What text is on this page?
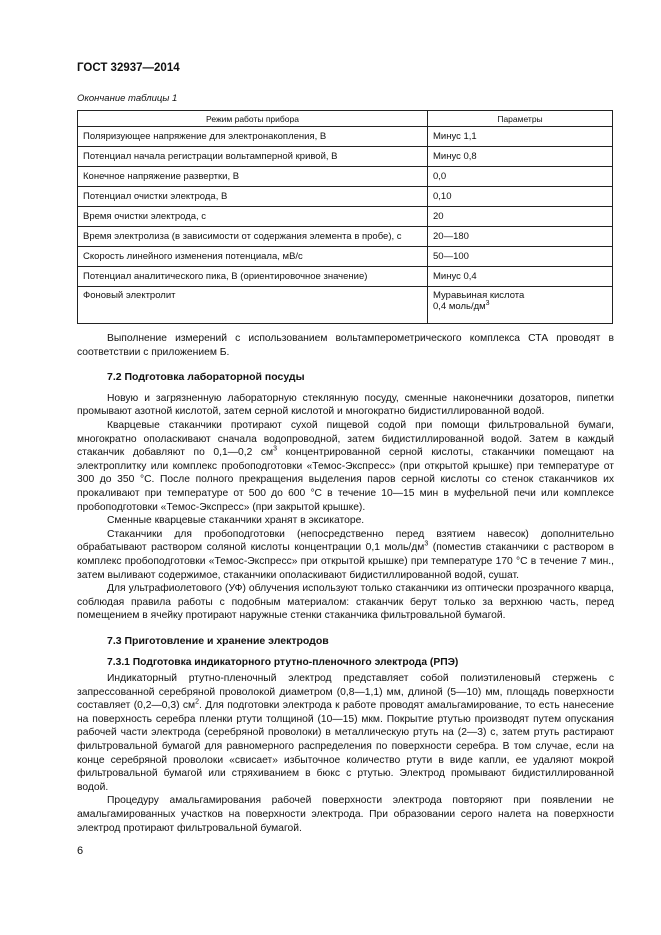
ГОСТ 32937—2014
Окончание таблицы 1
Режим работы прибора	Параметры
Поляризующее напряжение для электронакопления, В	Минус 1,1
Потенциал начала регистрации вольтамперной кривой, В	Минус 0,8
Конечное напряжение развертки, В	0,0
Потенциал очистки электрода, В	0,10
Время очистки электрода, с	20
Время электролиза (в зависимости от содержания элемента в пробе), с	20—180
Скорость линейного изменения потенциала, мВ/с	50—100
Потенциал аналитического пика, В (ориентировочное значение)	Минус 0,4
Фоновый электролит	Муравьиная кислота
0,4 моль/$дм^3$

Выполнение измерений с использованием вольтамперометрического комплекса СТА проводят в соответствии с приложением Б.

7.2 Подготовка лабораторной посуды

Новую и загрязненную лабораторную стеклянную посуду, сменные наконечники дозаторов, пипетки промывают азотной кислотой, затем серной кислотой и многократно бидистиллированной водой.

Кварцевые стаканчики протирают сухой пищевой содой при помощи фильтровальной бумаги, многократно ополаскивают сначала водопроводной, затем бидистиллированной водой. Затем в каждый стаканчик добавляют по 0,1—0,2 $см^3$ концентрированной серной кислоты, стаканчики помещают на электроплитку или комплекс пробоподготовки «Темос-Экспресс» (при открытой крышке) при температуре от 300 до 350 °С. После полного прекращения выделения паров серной кислоты со стенок стаканчиков их прокаливают при температуре от 500 до 600 °С в течение 10—15 мин в муфельной печи или комплексе пробоподготовки «Темос-Экспресс» (при закрытой крышке).

Сменные кварцевые стаканчики хранят в эксикаторе.

Стаканчики для пробоподготовки (непосредственно перед взятием навесок) дополнительно обрабатывают раствором соляной кислоты концентрации 0,1 моль/$дм^3$ (поместив стаканчики с раствором в комплекс пробоподготовки «Темос-Экспресс» при открытой крышке) при температуре 170 °С в течение 7 мин., затем выливают содержимое, стаканчики ополаскивают бидистиллированной водой, сушат.

Для ультрафиолетового (УФ) облучения используют только стаканчики из оптически прозрачного кварца, соблюдая правила работы с подобным материалом: стаканчик берут только за верхнюю часть, перед помещением в ячейку протирают наружные стенки стаканчика фильтровальной бумагой.

7.3 Приготовление и хранение электродов
7.3.1 Подготовка индикаторного ртутно-пленочного электрода (РПЭ)

Индикаторный ртутно-пленочный электрод представляет собой полиэтиленовый стержень с запрессованной серебряной проволокой диаметром (0,8—1,1) мм, длиной (5—10) мм, площадь поверхности составляет (0,2—0,3) $см^2$. Для подготовки электрода к работе проводят амальгамирование, то есть нанесение на поверхность серебра пленки ртути толщиной (10—15) мкм. Покрытие ртутью производят путем опускания рабочей части электрода (серебряной проволоки) в металлическую ртуть на (2—3) с, затем ртуть растирают фильтровальной бумагой для равномерного распределения по поверхности серебра. В том случае, если на конце серебряной проволоки «свисает» избыточное количество ртути в виде капли, ее удаляют мокрой фильтровальной бумагой или стряхиванием в бюкс с ртутью. Электрод промывают бидистиллированной водой.

Процедуру амальгамирования рабочей поверхности электрода повторяют при появлении не амальгамированных участков на поверхности электрода. При образовании серого налета на поверхности электрод протирают фильтровальной бумагой.

6
